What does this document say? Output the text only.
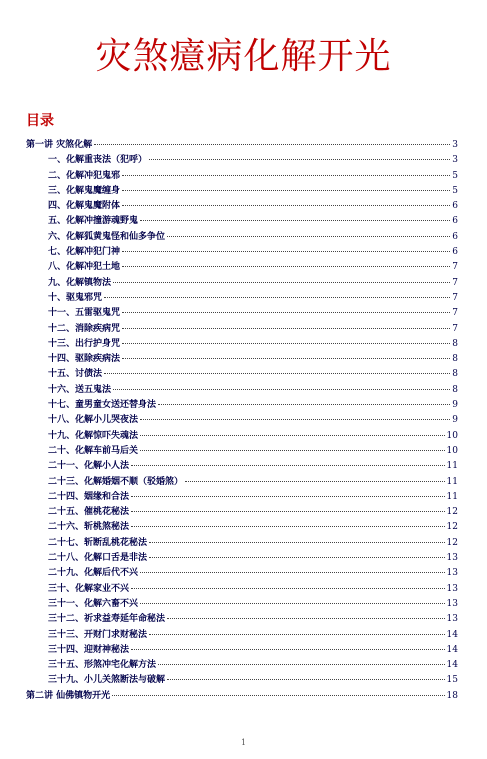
灾煞癔病化解开光
目录
第一讲 灾煞化解	3
一、化解重丧法（犯呼）	3
二、化解冲犯鬼邪	5
三、化解鬼魔缠身	5
四、化解鬼魔附体	6
五、化解冲撞游魂野鬼	6
六、化解狐黄鬼怪和仙多争位	6
七、化解冲犯门神	6
八、化解冲犯土地	7
九、化解镇物法	7
十、驱鬼邪咒	7
十一、五雷驱鬼咒	7
十二、消除疾病咒	7
十三、出行护身咒	8
十四、驱除疾病法	8
十五、讨债法	8
十六、送五鬼法	8
十七、童男童女送还替身法	9
十八、化解小儿哭夜法	9
十九、化解惊吓失魂法	10
二十、化解车前马后关	10
二十一、化解小人法	11
二十三、化解婚姻不顺（驳婚煞）	11
二十四、姻缘和合法	11
二十五、催桃花秘法	12
二十六、斩桃煞秘法	12
二十七、斩断乱桃花秘法	12
二十八、化解口舌是非法	13
二十九、化解后代不兴	13
三十、化解家业不兴	13
三十一、化解六畜不兴	13
三十二、祈求益寿延年命秘法	13
三十三、开财门求财秘法	14
三十四、迎财神秘法	14
三十五、形煞冲宅化解方法	14
三十九、小儿关煞断法与破解	15
第二讲 仙佛镇物开光	18
1
